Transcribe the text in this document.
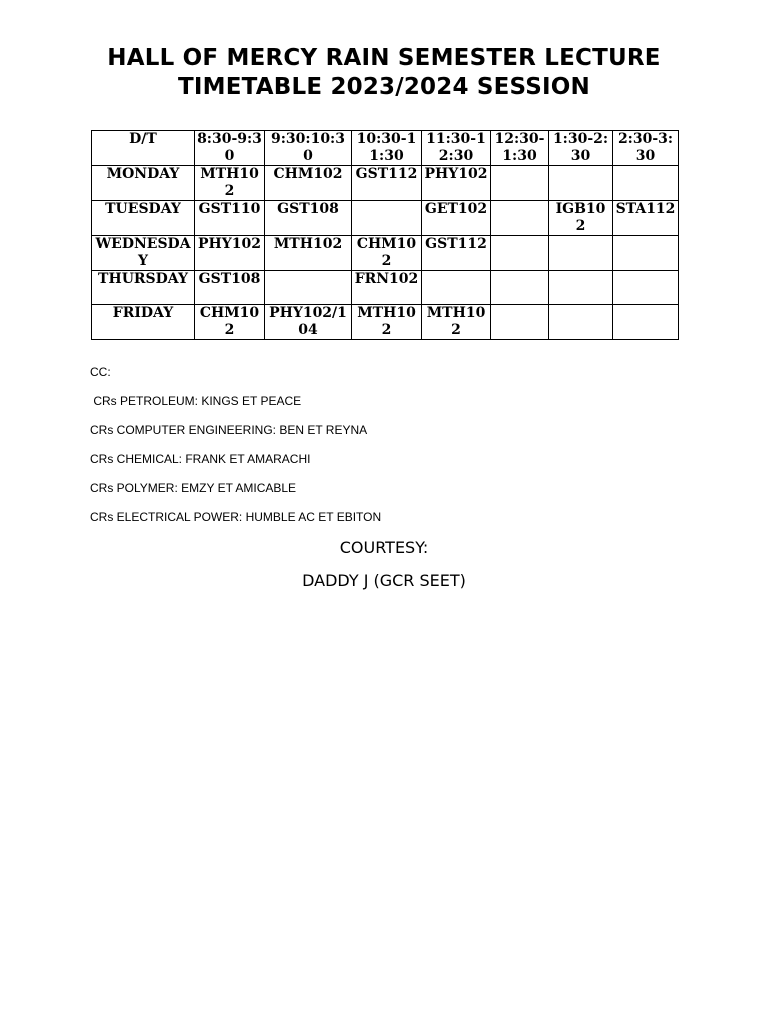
HALL OF MERCY RAIN SEMESTER LECTURE
TIMETABLE 2023/2024 SESSION
D/T	8:30-9:30	9:30:10:30	10:30-11:30	11:30-12:30	12:30-1:30	1:30-2:30	2:30-3:30
MONDAY	MTH102	CHM102	GST112	PHY102			
TUESDAY	GST110	GST108		GET102		IGB102	STA112
WEDNESDAY	PHY102	MTH102	CHM102	GST112			
THURSDAY	GST108		FRN102				
FRIDAY	CHM102	PHY102/104	MTH102	MTH102			

CC:

CRs PETROLEUM: KINGS ET PEACE

CRs COMPUTER ENGINEERING: BEN ET REYNA

CRs CHEMICAL: FRANK ET AMARACHI

CRs POLYMER: EMZY ET AMICABLE

CRs ELECTRICAL POWER: HUMBLE AC ET EBITON

COURTESY:

DADDY J (GCR SEET)
